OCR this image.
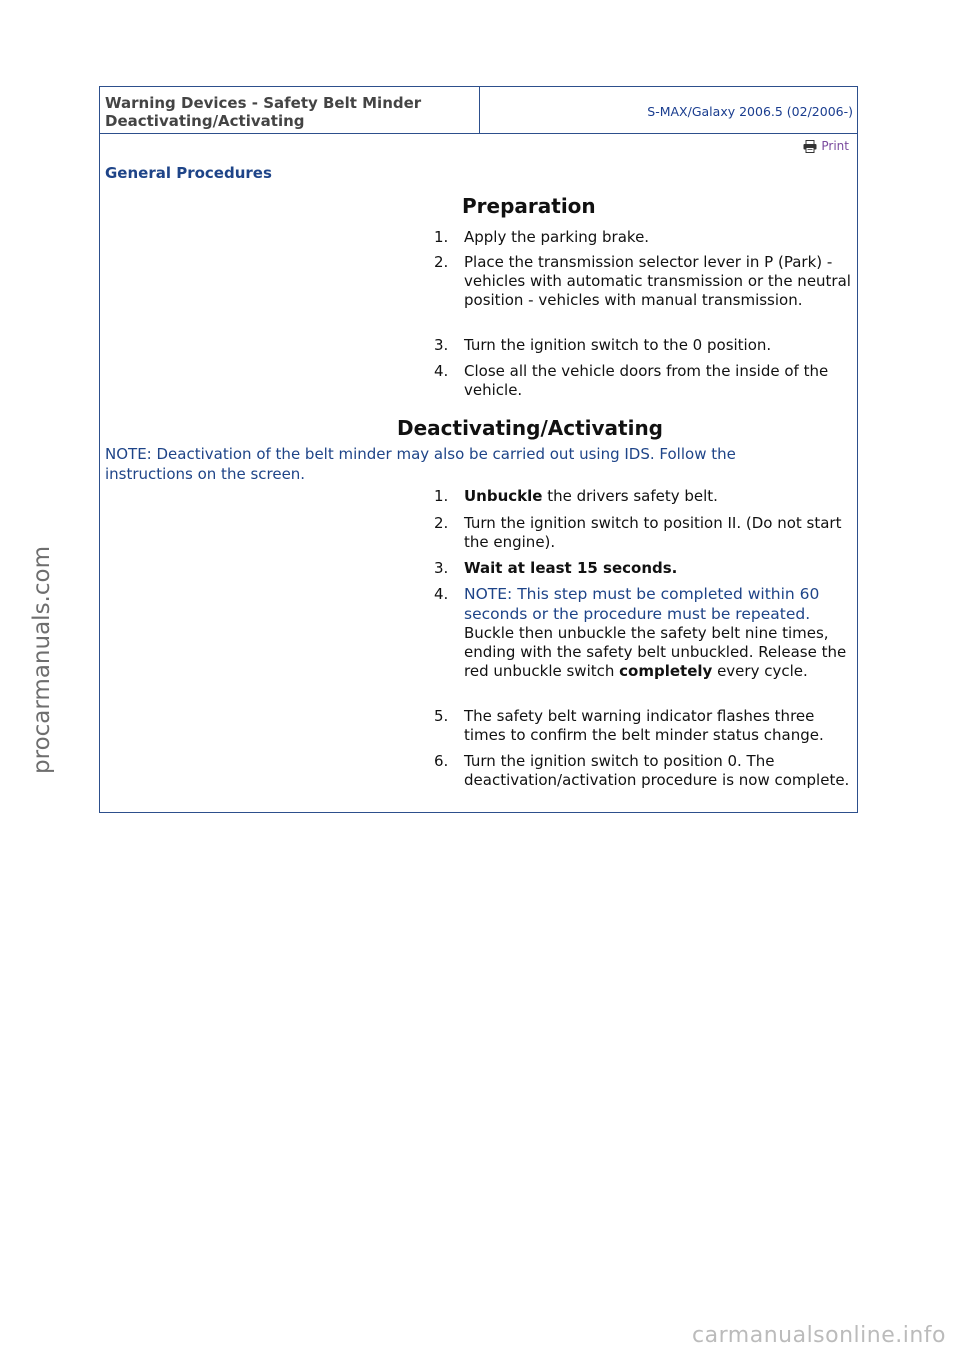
Warning Devices - Safety Belt Minder
Deactivating/Activating
S-MAX/Galaxy 2006.5 (02/2006-)
Print
General Procedures
Preparation
1. Apply the parking brake.
2. Place the transmission selector lever in P (Park) - vehicles with automatic transmission or the neutral position - vehicles with manual transmission.
3. Turn the ignition switch to the 0 position.
4. Close all the vehicle doors from the inside of the vehicle.
Deactivating/Activating
NOTE: Deactivation of the belt minder may also be carried out using IDS. Follow the instructions on the screen.
1. Unbuckle the drivers safety belt.
2. Turn the ignition switch to position II. (Do not start the engine).
3. Wait at least 15 seconds.
4. NOTE: This step must be completed within 60 seconds or the procedure must be repeated.
Buckle then unbuckle the safety belt nine times, ending with the safety belt unbuckled. Release the red unbuckle switch completely every cycle.
5. The safety belt warning indicator flashes three times to confirm the belt minder status change.
6. Turn the ignition switch to position 0. The deactivation/activation procedure is now complete.
procarmanuals.com
carmanualsonline.info
